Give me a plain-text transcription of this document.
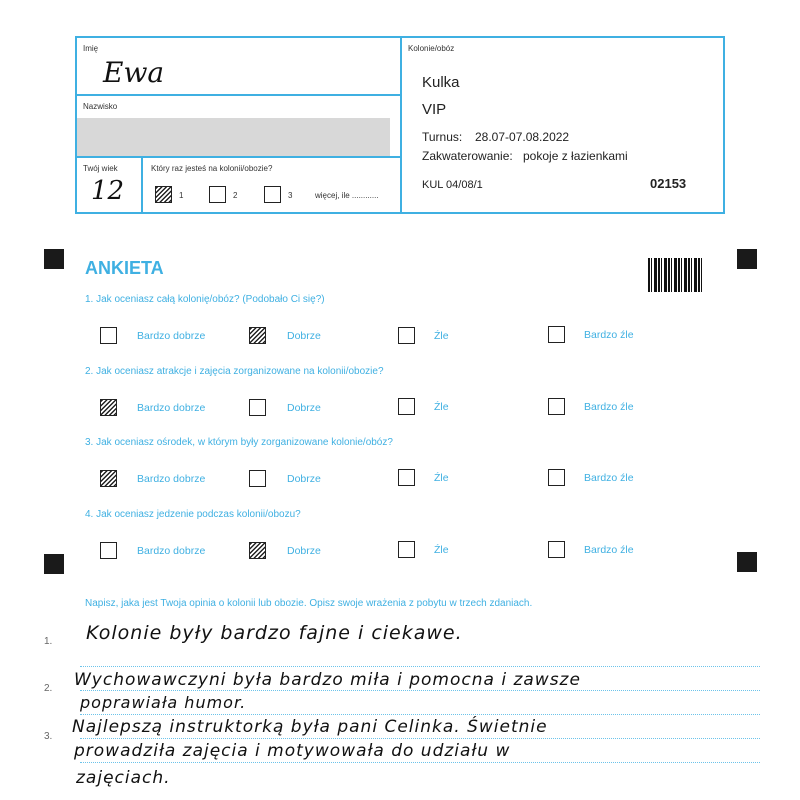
Imię
Ewa
Nazwisko
Twój wiek
12
Który raz jesteś na kolonii/obozie?
1	2	3	więcej, ile ............
Kolonie/obóz
Kulka
VIP
Turnus: 28.07-07.08.2022
Zakwaterowanie: pokoje z łazienkami
KUL 04/08/1	02153
ANKIETA
1. Jak oceniasz całą kolonię/obóz? (Podobało Ci się?)
Bardzo dobrze	Dobrze	Źle	Bardzo źle
2. Jak oceniasz atrakcje i zajęcia zorganizowane na kolonii/obozie?
Bardzo dobrze	Dobrze	Źle	Bardzo źle
3. Jak oceniasz ośrodek, w którym były zorganizowane kolonie/obóz?
Bardzo dobrze	Dobrze	Źle	Bardzo źle
4. Jak oceniasz jedzenie podczas kolonii/obozu?
Bardzo dobrze	Dobrze	Źle	Bardzo źle
Napisz, jaka jest Twoja opinia o kolonii lub obozie. Opisz swoje wrażenia z pobytu w trzech zdaniach.
1.
2.
3.
Kolonie były bardzo fajne i ciekawe.
Wychowawczyni była bardzo miła i pomocna i zawsze
poprawiała humor.
Najlepszą instruktorką była pani Celinka. Świetnie
prowadziła zajęcia i motywowała do udziału w
zajęciach.
